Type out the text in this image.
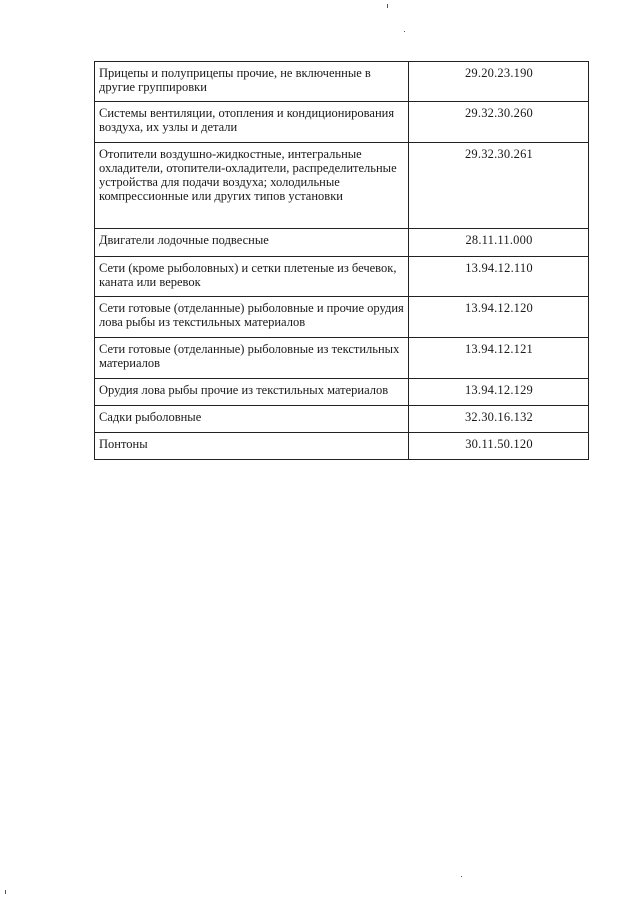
Прицепы и полуприцепы прочие, не включенные в другие группировки	29.20.23.190
Системы вентиляции, отопления и кондиционирования воздуха, их узлы и детали	29.32.30.260
Отопители воздушно-жидкостные, интегральные охладители, отопители-охладители, распределительные устройства для подачи воздуха; холодильные компрессионные или других типов установки	29.32.30.261
Двигатели лодочные подвесные	28.11.11.000
Сети (кроме рыболовных) и сетки плетеные из бечевок, каната или веревок	13.94.12.110
Сети готовые (отделанные) рыболовные и прочие орудия лова рыбы из текстильных материалов	13.94.12.120
Сети готовые (отделанные) рыболовные из текстильных материалов	13.94.12.121
Орудия лова рыбы прочие из текстильных материалов	13.94.12.129
Садки рыболовные	32.30.16.132
Понтоны	30.11.50.120
